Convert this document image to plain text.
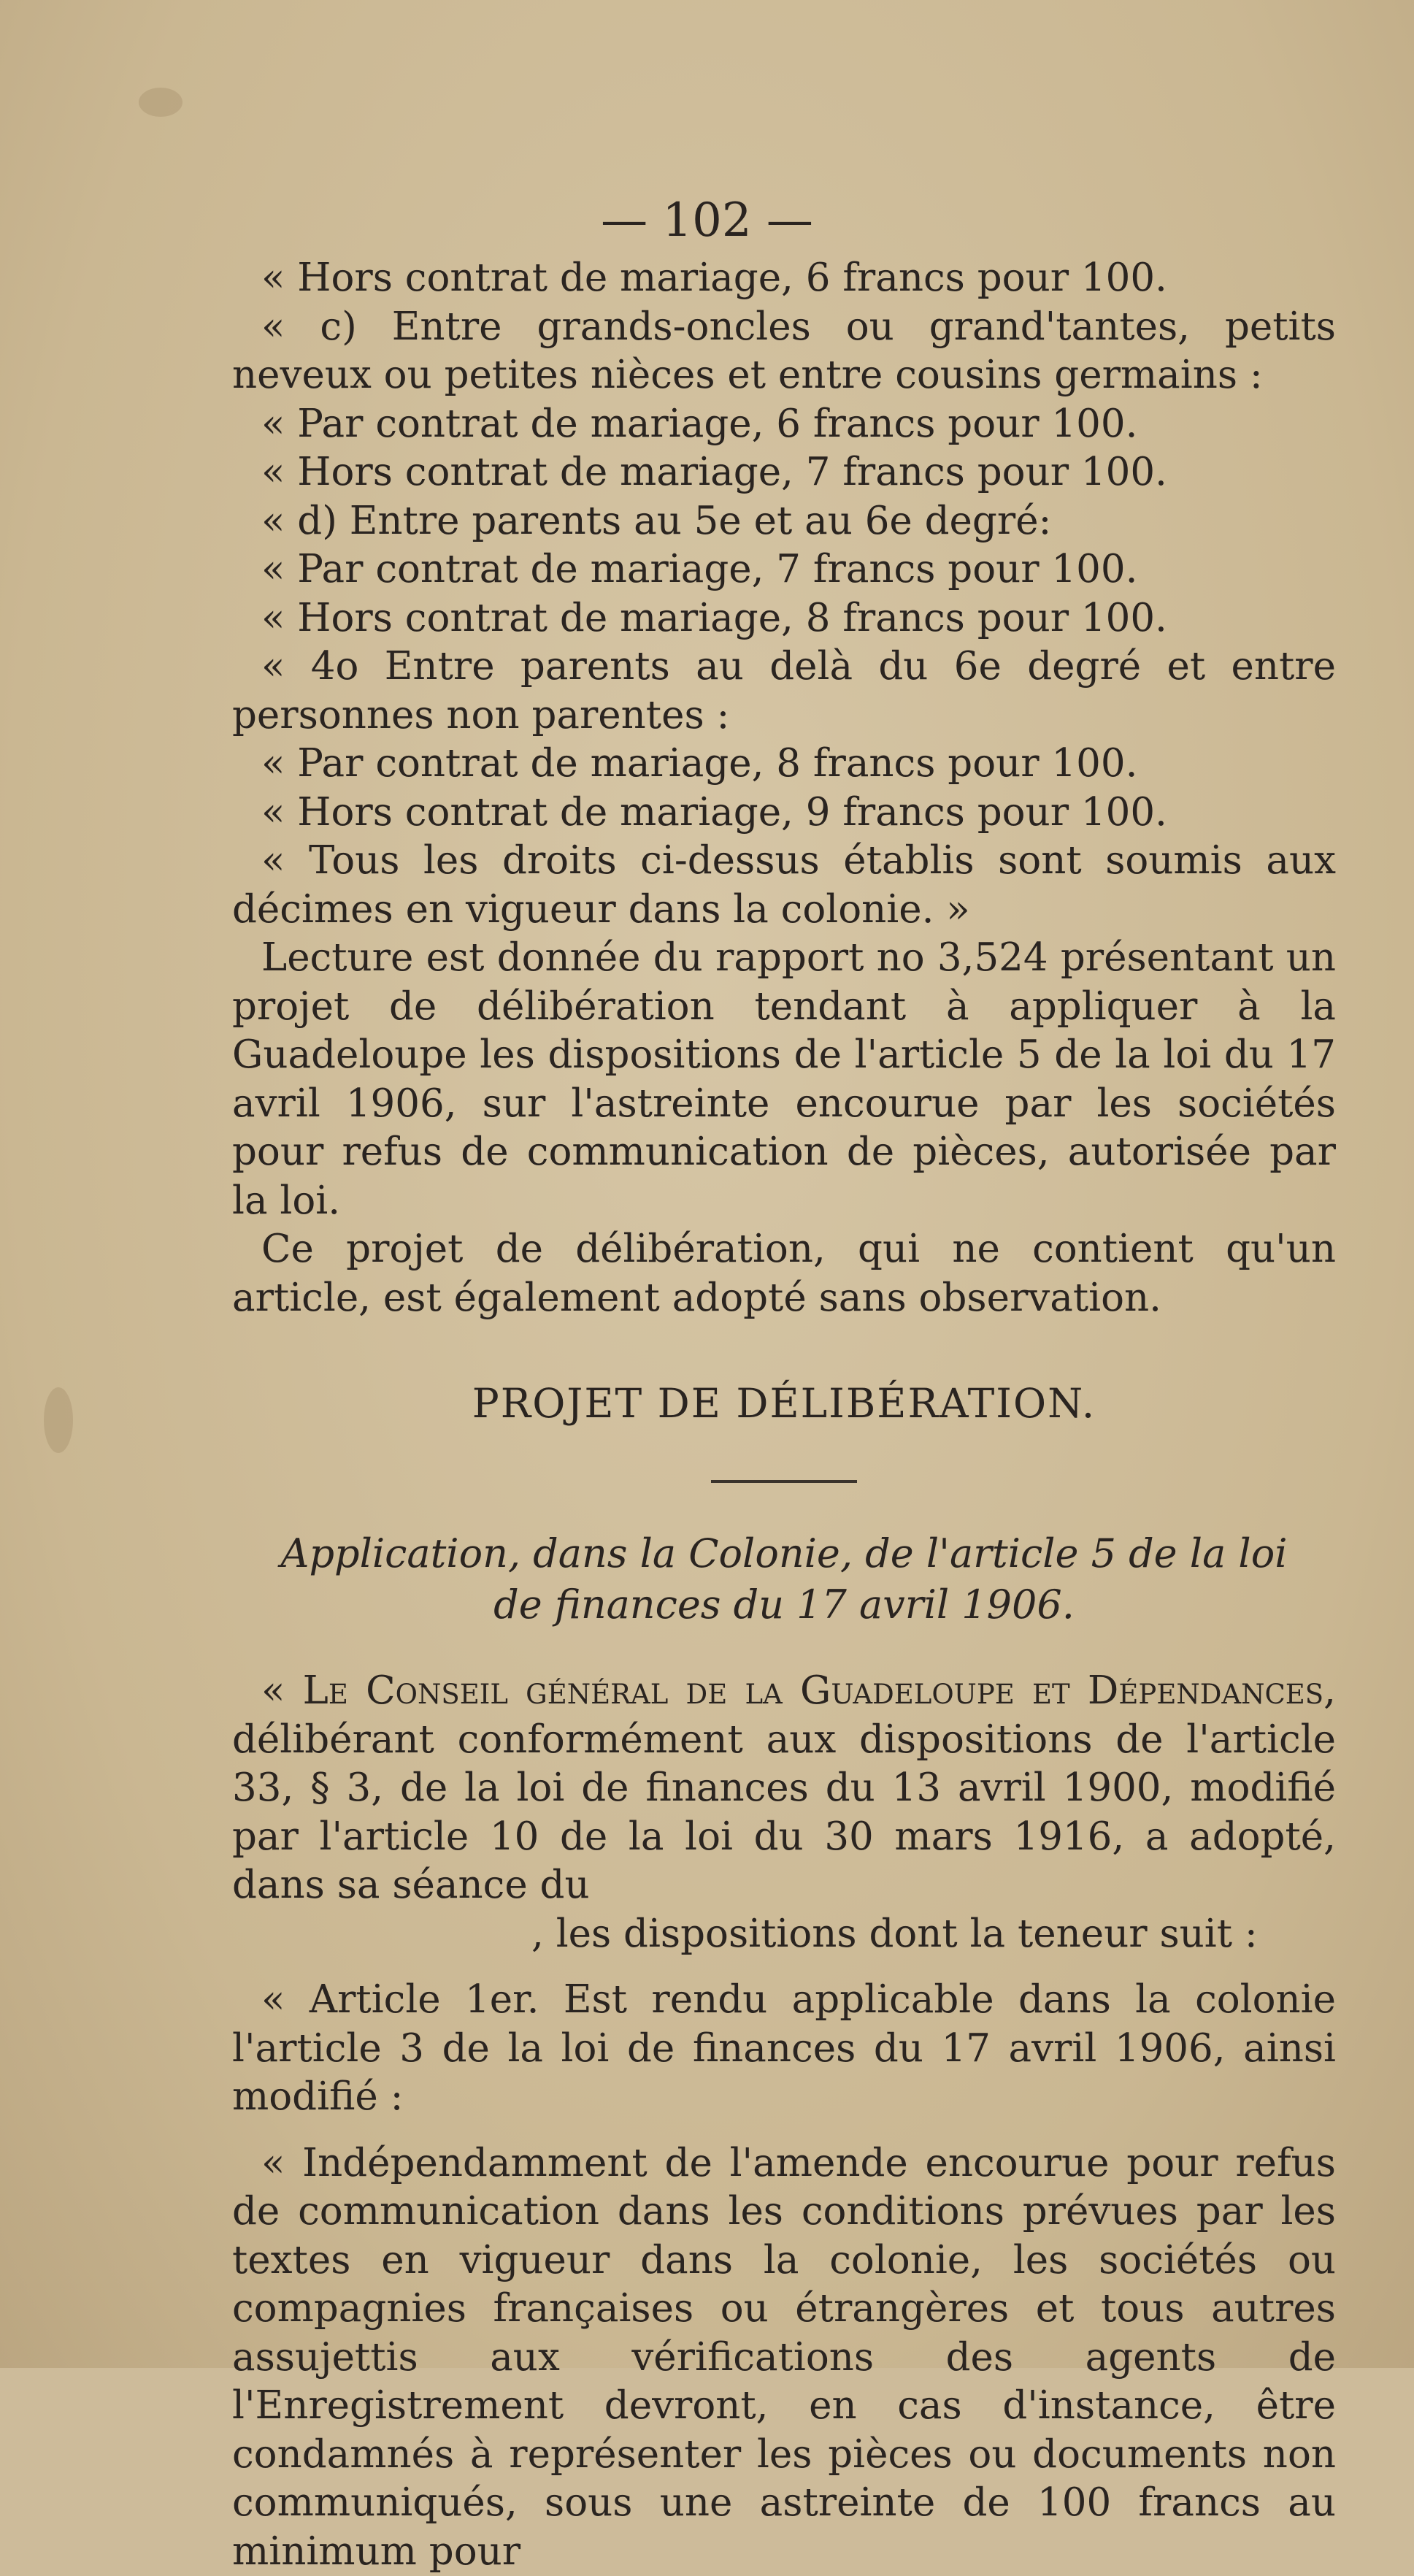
— 102 —

« Hors contrat de mariage, 6 francs pour 100.

« c) Entre grands-oncles ou grand'tantes, petits neveux ou petites nièces et entre cousins germains :

« Par contrat de mariage, 6 francs pour 100.

« Hors contrat de mariage, 7 francs pour 100.

« d) Entre parents au 5e et au 6e degré:

« Par contrat de mariage, 7 francs pour 100.

« Hors contrat de mariage, 8 francs pour 100.

« 4o Entre parents au delà du 6e degré et entre personnes non parentes :

« Par contrat de mariage, 8 francs pour 100.

« Hors contrat de mariage, 9 francs pour 100.

« Tous les droits ci-dessus établis sont soumis aux décimes en vigueur dans la colonie. »

Lecture est donnée du rapport no 3,524 présentant un projet de délibération tendant à appliquer à la Guadeloupe les dispositions de l'article 5 de la loi du 17 avril 1906, sur l'astreinte encourue par les sociétés pour refus de communication de pièces, autorisée par la loi.

Ce projet de délibération, qui ne contient qu'un article, est également adopté sans observation.

PROJET DE DÉLIBÉRATION.
Application, dans la Colonie, de l'article 5 de la loi
de finances du 17 avril 1906.

« Le Conseil général de la Guadeloupe et Dépendances, délibérant conformément aux dispositions de l'article 33, § 3, de la loi de finances du 13 avril 1900, modifié par l'article 10 de la loi du 30 mars 1916, a adopté, dans sa séance du

, les dispositions dont la teneur suit :

« Article 1er. Est rendu applicable dans la colonie l'article 3 de la loi de finances du 17 avril 1906, ainsi modifié :

« Indépendamment de l'amende encourue pour refus de communication dans les conditions prévues par les textes en vigueur dans la colonie, les sociétés ou compagnies françaises ou étrangères et tous autres assujettis aux vérifications des agents de l'Enregistrement devront, en cas d'instance, être condamnés à représenter les pièces ou documents non communiqués, sous une astreinte de 100 francs au minimum pour
